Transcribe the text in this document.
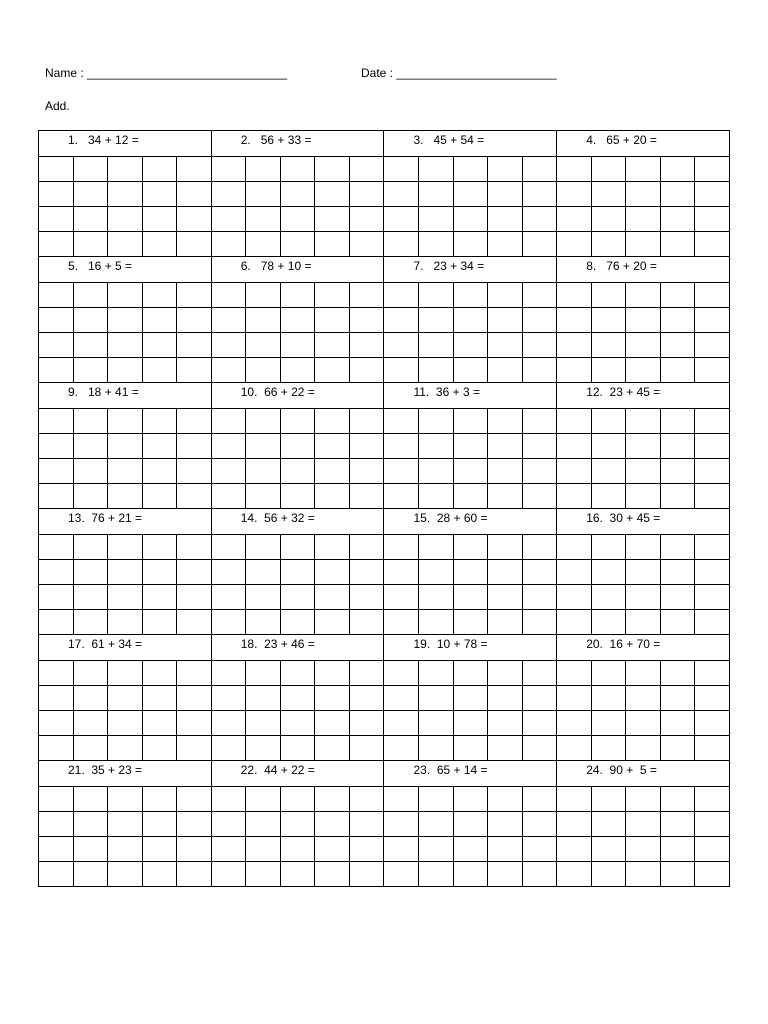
Name : ______________________________	Date : ________________________
Add.
1.   34 + 12 =					2.   56 + 33 =					3.   45 + 54 =					4.   65 + 20 =				

5.   16 + 5 =					6.   78 + 10 =					7.   23 + 34 =					8.   76 + 20 =				

9.   18 + 41 =					10.  66 + 22 =					11.  36 + 3 =					12.  23 + 45 =				

13.  76 + 21 =					14.  56 + 32 =					15.  28 + 60 =					16.  30 + 45 =				

17.  61 + 34 =					18.  23 + 46 =					19.  10 + 78 =					20.  16 + 70 =				

21.  35 + 23 =					22.  44 + 22 =					23.  65 + 14 =					24.  90 +  5 =				
